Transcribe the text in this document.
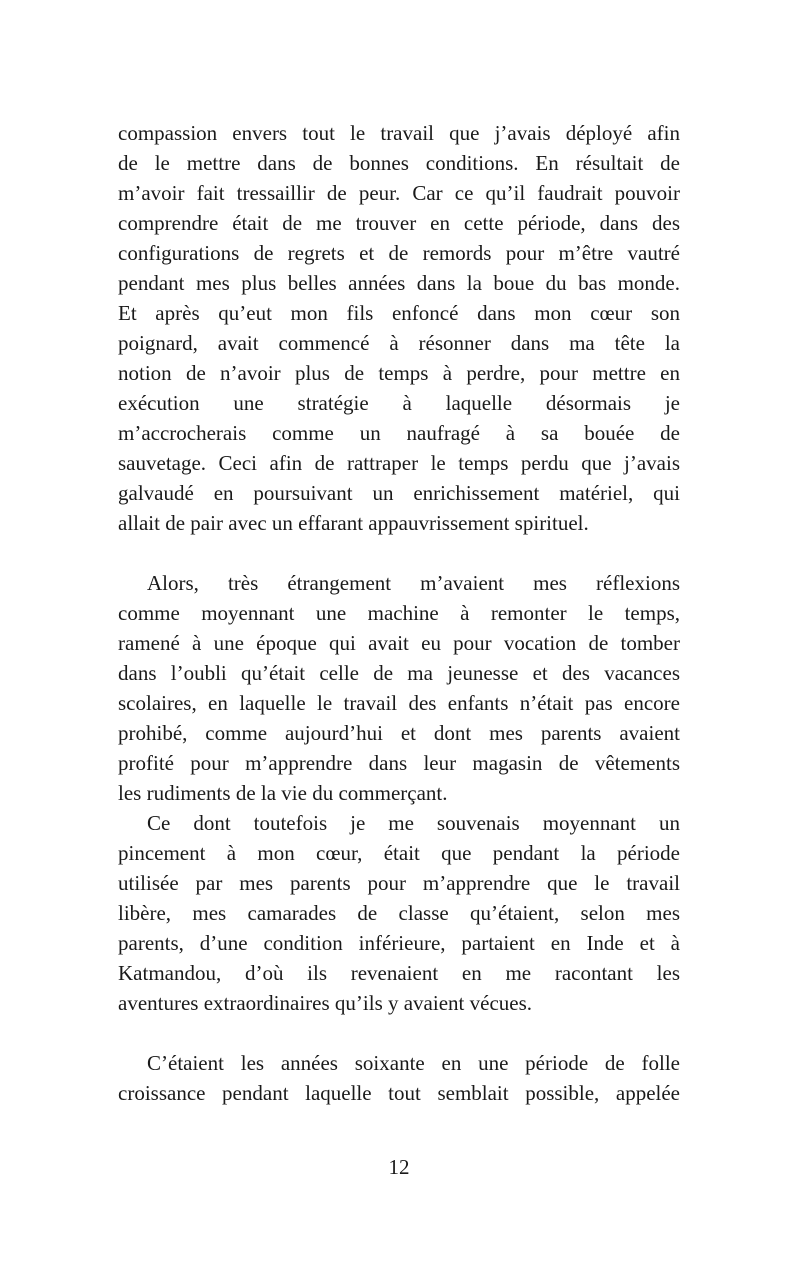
compassion envers tout le travail que j’avais déployé afin
de le mettre dans de bonnes conditions. En résultait de
m’avoir fait tressaillir de peur. Car ce qu’il faudrait pouvoir
comprendre était de me trouver en cette période, dans des
configurations de regrets et de remords pour m’être vautré
pendant mes plus belles années dans la boue du bas monde.
Et après qu’eut mon fils enfoncé dans mon cœur son
poignard, avait commencé à résonner dans ma tête la
notion de n’avoir plus de temps à perdre, pour mettre en
exécution une stratégie à laquelle désormais je
m’accrocherais comme un naufragé à sa bouée de
sauvetage. Ceci afin de rattraper le temps perdu que j’avais
galvaudé en poursuivant un enrichissement matériel, qui
allait de pair avec un effarant appauvrissement spirituel.
Alors, très étrangement m’avaient mes réflexions
comme moyennant une machine à remonter le temps,
ramené à une époque qui avait eu pour vocation de tomber
dans l’oubli qu’était celle de ma jeunesse et des vacances
scolaires, en laquelle le travail des enfants n’était pas encore
prohibé, comme aujourd’hui et dont mes parents avaient
profité pour m’apprendre dans leur magasin de vêtements
les rudiments de la vie du commerçant.
Ce dont toutefois je me souvenais moyennant un
pincement à mon cœur, était que pendant la période
utilisée par mes parents pour m’apprendre que le travail
libère, mes camarades de classe qu’étaient, selon mes
parents, d’une condition inférieure, partaient en Inde et à
Katmandou, d’où ils revenaient en me racontant les
aventures extraordinaires qu’ils y avaient vécues.
C’étaient les années soixante en une période de folle
croissance pendant laquelle tout semblait possible, appelée
12
